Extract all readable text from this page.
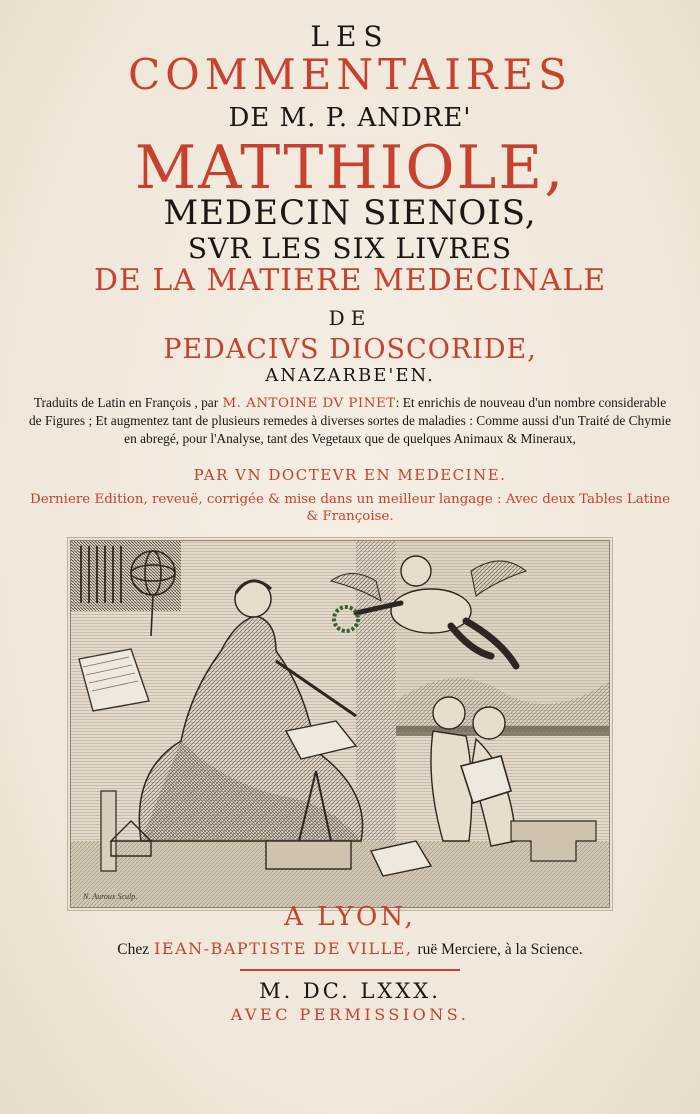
LES
COMMENTAIRES
DE M. P. ANDRE'
MATTHIOLE,
MEDECIN SIENOIS,
SVR LES SIX LIVRES
DE LA MATIERE MEDECINALE
DE
PEDACIVS DIOSCORIDE,
ANAZARBE'EN.
Traduits de Latin en François , par M. ANTOINE DV PINET: Et enrichis de nouveau d'un nombre considerable de Figures ; Et augmentez tant de plusieurs remedes à diverses sortes de maladies : Comme aussi d'un Traité de Chymie en abregé, pour l'Analyse, tant des Vegetaux que de quelques Animaux & Mineraux,
PAR VN DOCTEVR EN MEDECINE.
Derniere Edition, reveuë, corrigée & mise dans un meilleur langage : Avec deux Tables Latine & Françoise.
N. Auroux Sculp.
A LYON,
Chez IEAN-BAPTISTE DE VILLE, ruë Merciere, à la Science.
M. DC. LXXX.
AVEC PERMISSIONS.
